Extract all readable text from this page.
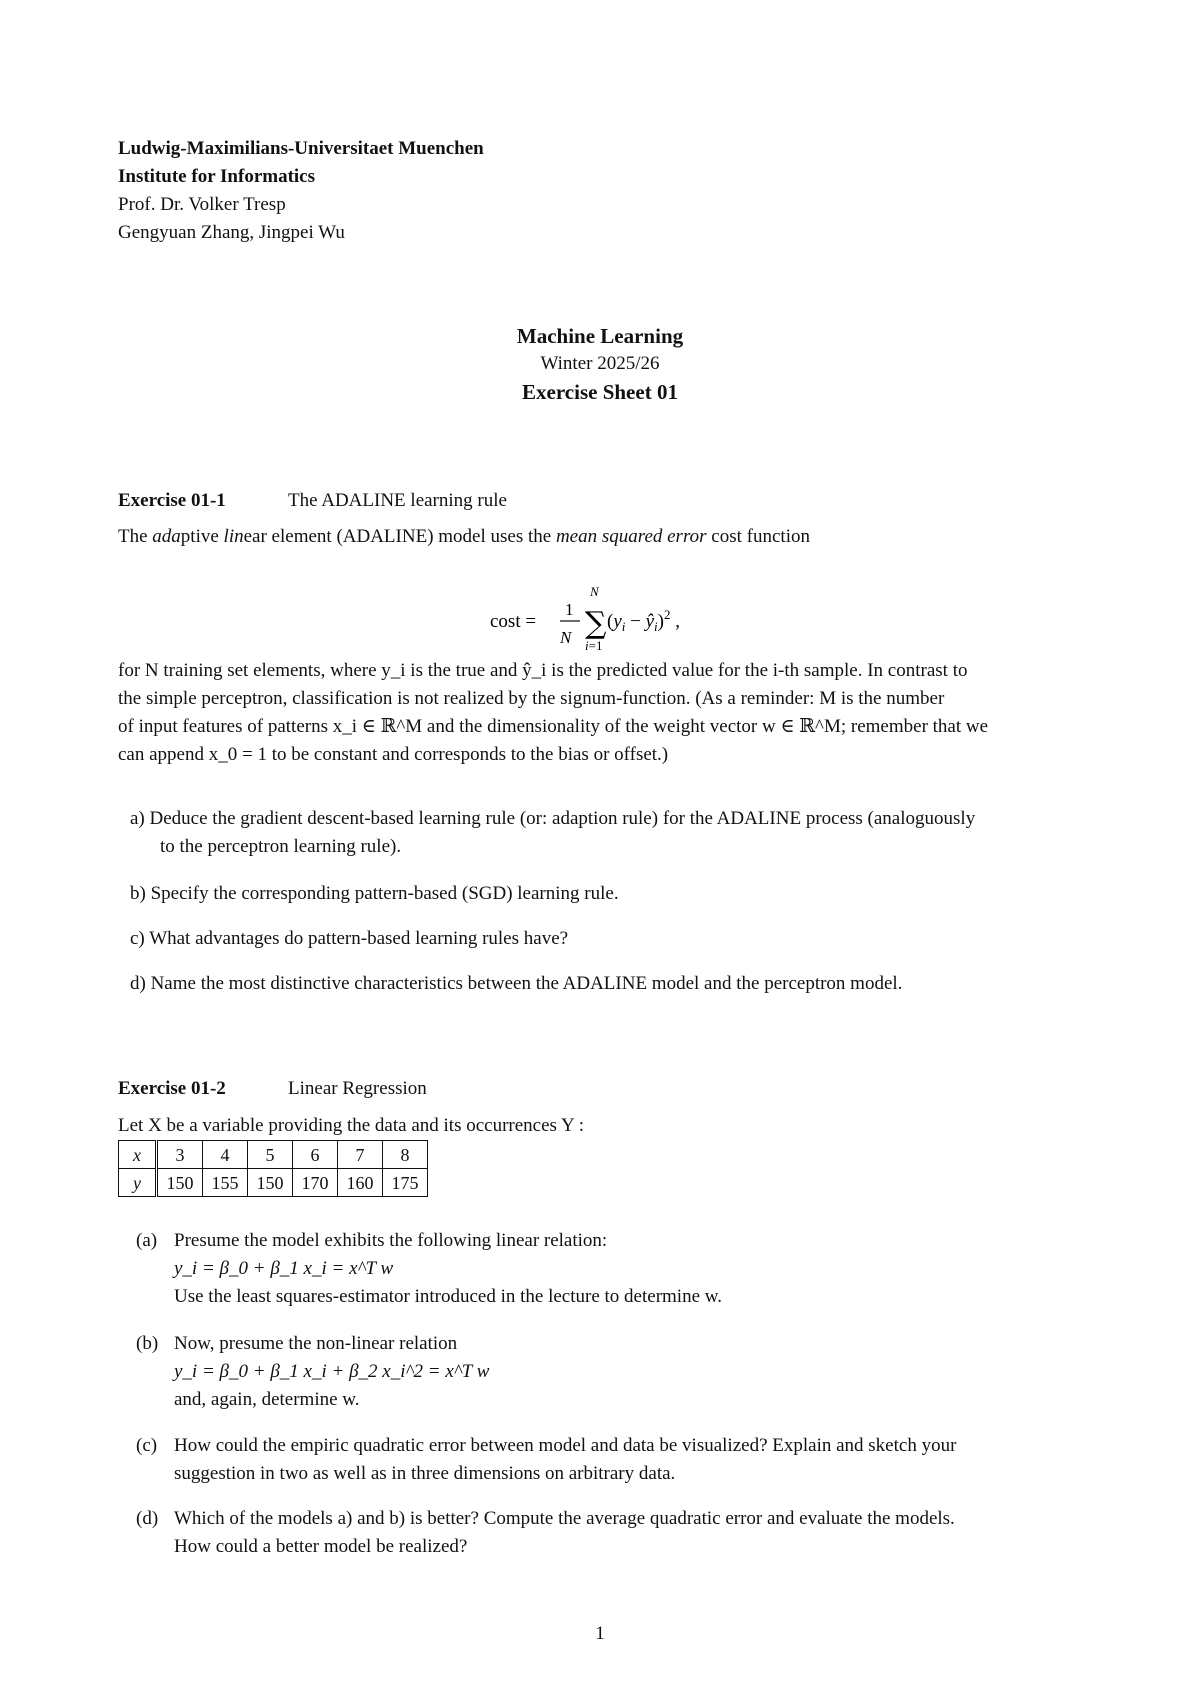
Ludwig-Maximilians-Universitaet Muenchen
Institute for Informatics
Prof. Dr. Volker Tresp
Gengyuan Zhang, Jingpei Wu
Machine Learning
Winter 2025/26
Exercise Sheet 01
Exercise 01-1	The ADALINE learning rule
The adaptive linear element (ADALINE) model uses the mean squared error cost function
cost =
1
N
N
∑
i=1
($y_i$ − $ŷ_i)^2$ ,
for N training set elements, where y_i is the true and ŷ_i is the predicted value for the i-th sample. In contrast to
the simple perceptron, classification is not realized by the signum-function. (As a reminder: M is the number
of input features of patterns x_i ∈ ℝ^M and the dimensionality of the weight vector w ∈ ℝ^M; remember that we
can append x_0 = 1 to be constant and corresponds to the bias or offset.)
a) Deduce the gradient descent-based learning rule (or: adaption rule) for the ADALINE process (analoguously
to the perceptron learning rule).
b) Specify the corresponding pattern-based (SGD) learning rule.
c) What advantages do pattern-based learning rules have?
d) Name the most distinctive characteristics between the ADALINE model and the perceptron model.
Exercise 01-2	Linear Regression
Let X be a variable providing the data and its occurrences Y :
x	3	4	5	6	7	8
y	150	155	150	170	160	175
(a) Presume the model exhibits the following linear relation:
y_i = β_0 + β_1 x_i = x^T w
Use the least squares-estimator introduced in the lecture to determine w.
(b) Now, presume the non-linear relation
y_i = β_0 + β_1 x_i + β_2 x_i^2 = x^T w
and, again, determine w.
(c) How could the empiric quadratic error between model and data be visualized? Explain and sketch your
suggestion in two as well as in three dimensions on arbitrary data.
(d) Which of the models a) and b) is better? Compute the average quadratic error and evaluate the models.
How could a better model be realized?
1
